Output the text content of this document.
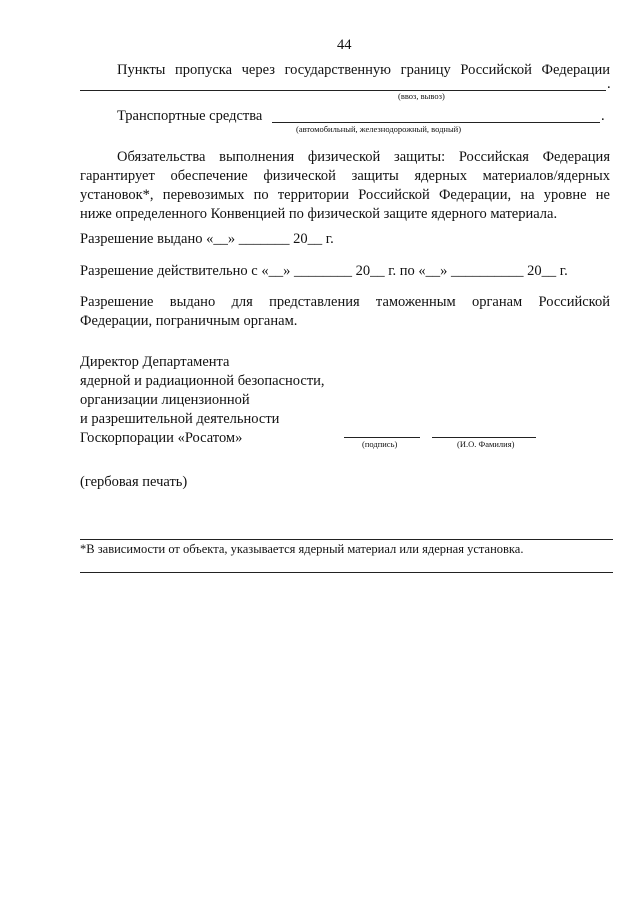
44
Пункты пропуска через государственную границу Российской Федерации
.
(ввоз, вывоз)
Транспортные средства	.
(автомобильный, железнодорожный, водный)
Обязательства выполнения физической защиты: Российская Федерация
гарантирует обеспечение физической защиты ядерных материалов/ядерных
установок*, перевозимых по территории Российской Федерации, на уровне не
ниже определенного Конвенцией по физической защите ядерного материала.
Разрешение выдано «__» _______ 20__ г.
Разрешение действительно с «__» ________ 20__ г. по «__» __________ 20__ г.
Разрешение выдано для представления таможенным органам Российской
Федерации, пограничным органам.
Директор Департамента
ядерной и радиационной безопасности,
организации лицензионной
и разрешительной деятельности
Госкорпорации «Росатом»	(подпись)	(И.О. Фамилия)
(гербовая печать)
*В зависимости от объекта, указывается ядерный материал или ядерная установка.
